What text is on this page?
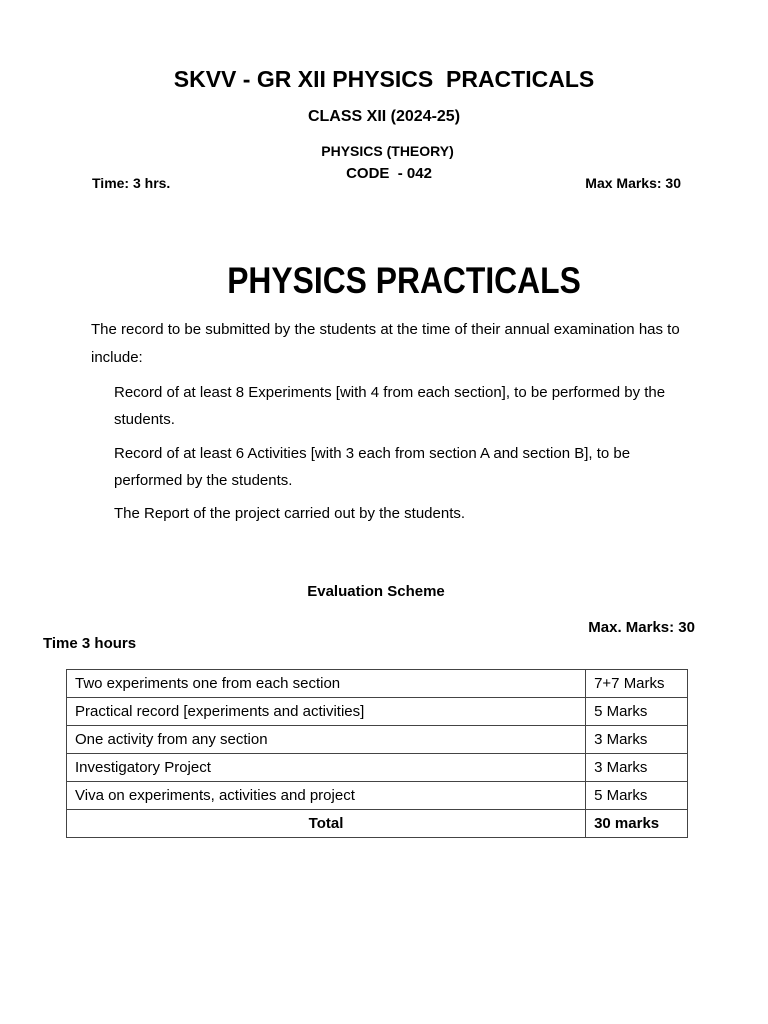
SKVV - GR XII PHYSICS  PRACTICALS
CLASS XII (2024-25)
PHYSICS (THEORY)
CODE  - 042
Time: 3 hrs.	Max Marks: 30
PHYSICS PRACTICALS
The record to be submitted by the students at the time of their annual examination has to include:
Record of at least 8 Experiments [with 4 from each section], to be performed by the students.
Record of at least 6 Activities [with 3 each from section A and section B], to be performed by the students.
The Report of the project carried out by the students.
Evaluation Scheme
Max. Marks: 30
Time 3 hours
Two experiments one from each section	7+7 Marks
Practical record [experiments and activities]	5 Marks
One activity from any section	3 Marks
Investigatory Project	3 Marks
Viva on experiments, activities and project	5 Marks
Total	30 marks
